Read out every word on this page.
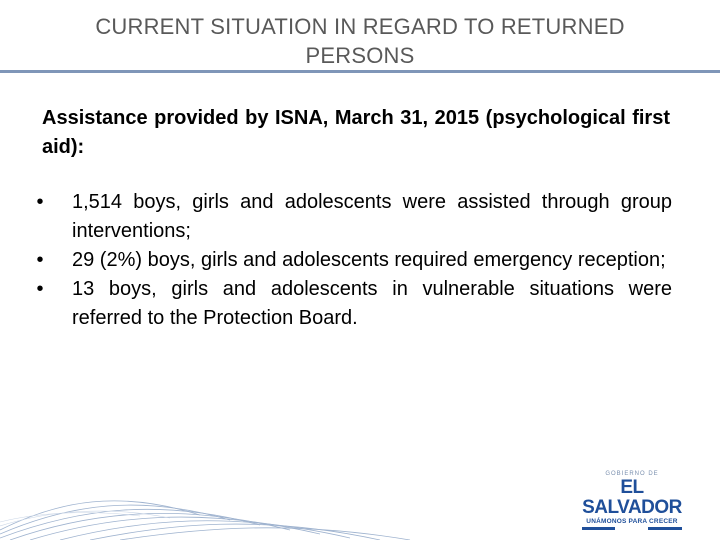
CURRENT SITUATION IN REGARD TO RETURNED PERSONS
Assistance provided by ISNA, March 31, 2015 (psychological first aid):
•	1,514 boys, girls and adolescents were assisted through group interventions;
•	29 (2%) boys, girls and adolescents required emergency reception;
•	13 boys, girls and adolescents in vulnerable situations were referred to the Protection Board.
GOBIERNO DE
EL SALVADOR
UNÁMONOS PARA CRECER
